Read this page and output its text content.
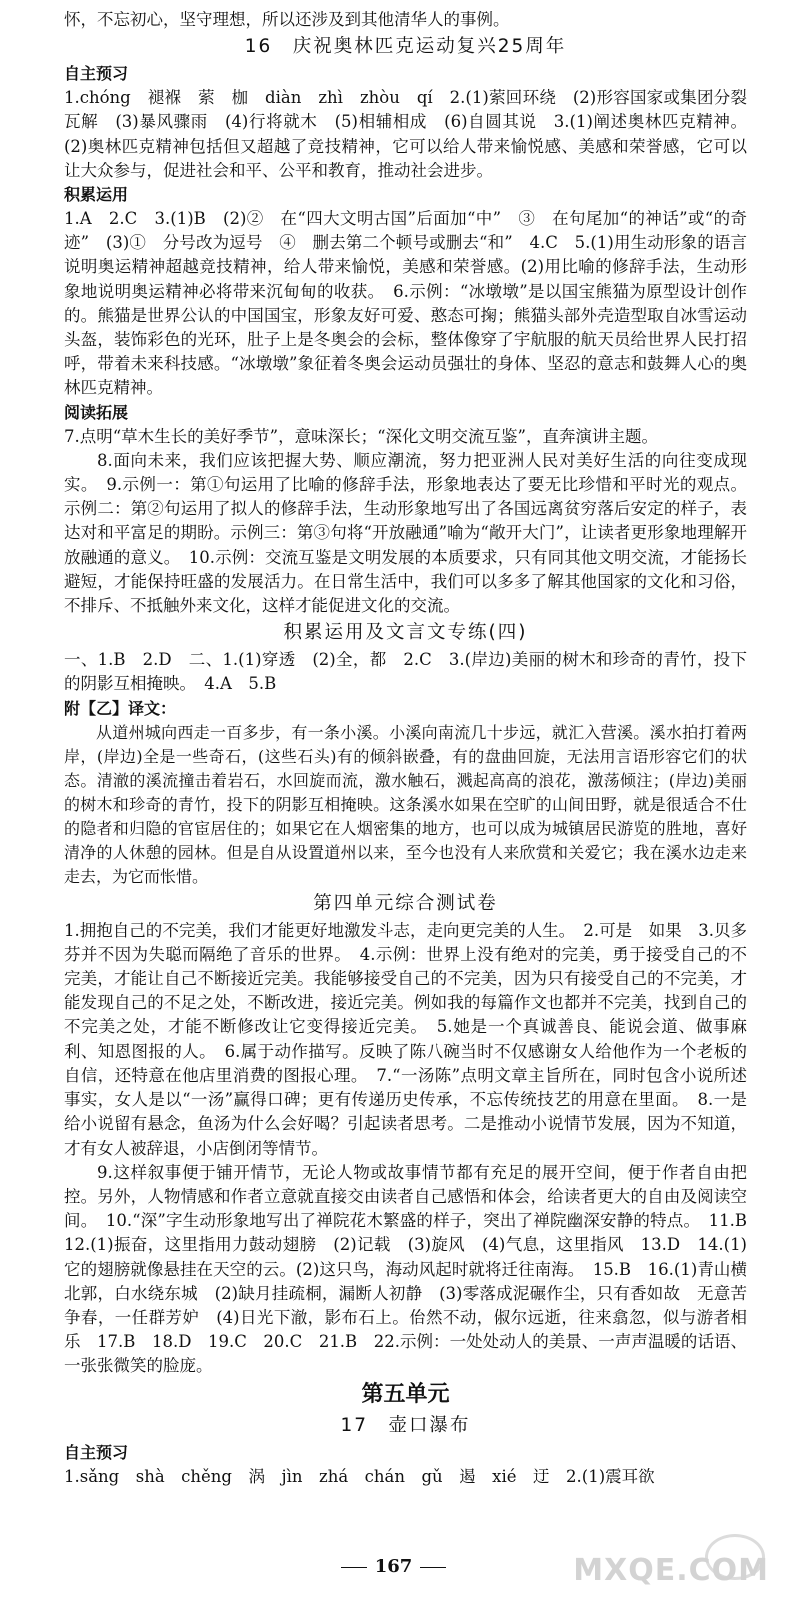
怀，不忘初心，坚守理想，所以还涉及到其他清华人的事例。
16　庆祝奥林匹克运动复兴25周年
自主预习

1.chóng　褪褓　萦　枷　diàn　zhì　zhòu　qí　2.(1)萦回环绕　(2)形容国家或集团分裂瓦解　(3)暴风骤雨　(4)行将就木　(5)相辅相成　(6)自圆其说　3.(1)阐述奥林匹克精神。(2)奥林匹克精神包括但又超越了竞技精神，它可以给人带来愉悦感、美感和荣誉感，它可以让大众参与，促进社会和平、公平和教育，推动社会进步。

积累运用

1.A　2.C　3.(1)B　(2)②　在“四大文明古国”后面加“中”　③　在句尾加“的神话”或“的奇迹”　(3)①　分号改为逗号　④　删去第二个顿号或删去“和”　4.C　5.(1)用生动形象的语言说明奥运精神超越竞技精神，给人带来愉悦，美感和荣誉感。(2)用比喻的修辞手法，生动形象地说明奥运精神必将带来沉甸甸的收获。　6.示例：“冰墩墩”是以国宝熊猫为原型设计创作的。熊猫是世界公认的中国国宝，形象友好可爱、憨态可掬；熊猫头部外壳造型取自冰雪运动头盔，装饰彩色的光环，肚子上是冬奥会的会标，整体像穿了宇航服的航天员给世界人民打招呼，带着未来科技感。“冰墩墩”象征着冬奥会运动员强壮的身体、坚忍的意志和鼓舞人心的奥林匹克精神。

阅读拓展

7.点明“草木生长的美好季节”，意味深长；“深化文明交流互鉴”，直奔演讲主题。

8.面向未来，我们应该把握大势、顺应潮流，努力把亚洲人民对美好生活的向往变成现实。　9.示例一：第①句运用了比喻的修辞手法，形象地表达了要无比珍惜和平时光的观点。示例二：第②句运用了拟人的修辞手法，生动形象地写出了各国远离贫穷落后安定的样子，表达对和平富足的期盼。示例三：第③句将“开放融通”喻为“敞开大门”，让读者更形象地理解开放融通的意义。　10.示例：交流互鉴是文明发展的本质要求，只有同其他文明交流，才能扬长避短，才能保持旺盛的发展活力。在日常生活中，我们可以多多了解其他国家的文化和习俗，不排斥、不抵触外来文化，这样才能促进文化的交流。

积累运用及文言文专练(四)

一、1.B　2.D　二、1.(1)穿透　(2)全，都　2.C　3.(岸边)美丽的树木和珍奇的青竹，投下的阴影互相掩映。　4.A　5.B

附【乙】译文：

从道州城向西走一百多步，有一条小溪。小溪向南流几十步远，就汇入营溪。溪水拍打着两岸，(岸边)全是一些奇石，(这些石头)有的倾斜嵌叠，有的盘曲回旋，无法用言语形容它们的状态。清澈的溪流撞击着岩石，水回旋而流，激水触石，溅起高高的浪花，激荡倾注；(岸边)美丽的树木和珍奇的青竹，投下的阴影互相掩映。这条溪水如果在空旷的山间田野，就是很适合不仕的隐者和归隐的官宦居住的；如果它在人烟密集的地方，也可以成为城镇居民游览的胜地，喜好清净的人休憩的园林。但是自从设置道州以来，至今也没有人来欣赏和关爱它；我在溪水边走来走去，为它而怅惜。

第四单元综合测试卷

1.拥抱自己的不完美，我们才能更好地激发斗志，走向更完美的人生。　2.可是　如果　3.贝多芬并不因为失聪而隔绝了音乐的世界。　4.示例：世界上没有绝对的完美，勇于接受自己的不完美，才能让自己不断接近完美。我能够接受自己的不完美，因为只有接受自己的不完美，才能发现自己的不足之处，不断改进，接近完美。例如我的每篇作文也都并不完美，找到自己的不完美之处，才能不断修改让它变得接近完美。　5.她是一个真诚善良、能说会道、做事麻利、知恩图报的人。　6.属于动作描写。反映了陈八碗当时不仅感谢女人给他作为一个老板的自信，还特意在他店里消费的图报心理。　7.“一汤陈”点明文章主旨所在，同时包含小说所述事实，女人是以“一汤”赢得口碑；更有传递历史传承，不忘传统技艺的用意在里面。　8.一是给小说留有悬念，鱼汤为什么会好喝？引起读者思考。二是推动小说情节发展，因为不知道，才有女人被辞退，小店倒闭等情节。

9.这样叙事便于铺开情节，无论人物或故事情节都有充足的展开空间，便于作者自由把控。另外，人物情感和作者立意就直接交由读者自己感悟和体会，给读者更大的自由及阅读空间。　10.“深”字生动形象地写出了禅院花木繁盛的样子，突出了禅院幽深安静的特点。　11.B　12.(1)振奋，这里指用力鼓动翅膀　(2)记载　(3)旋风　(4)气息，这里指风　13.D　14.(1)它的翅膀就像悬挂在天空的云。(2)这只鸟，海动风起时就将迁往南海。　15.B　16.(1)青山横北郭，白水绕东城　(2)缺月挂疏桐，漏断人初静　(3)零落成泥碾作尘，只有香如故　无意苦争春，一任群芳妒　(4)日光下澈，影布石上。佁然不动，俶尔远逝，往来翕忽，似与游者相乐　17.B　18.D　19.C　20.C　21.B　22.示例：一处处动人的美景、一声声温暖的话语、一张张微笑的脸庞。

第五单元
17　壶口瀑布
自主预习
1.sǎng　shà　chěng　涡　jìn　zhá　chán　gǔ　遏　xié　迂　2.(1)震耳欲
167	MXQE.COM
